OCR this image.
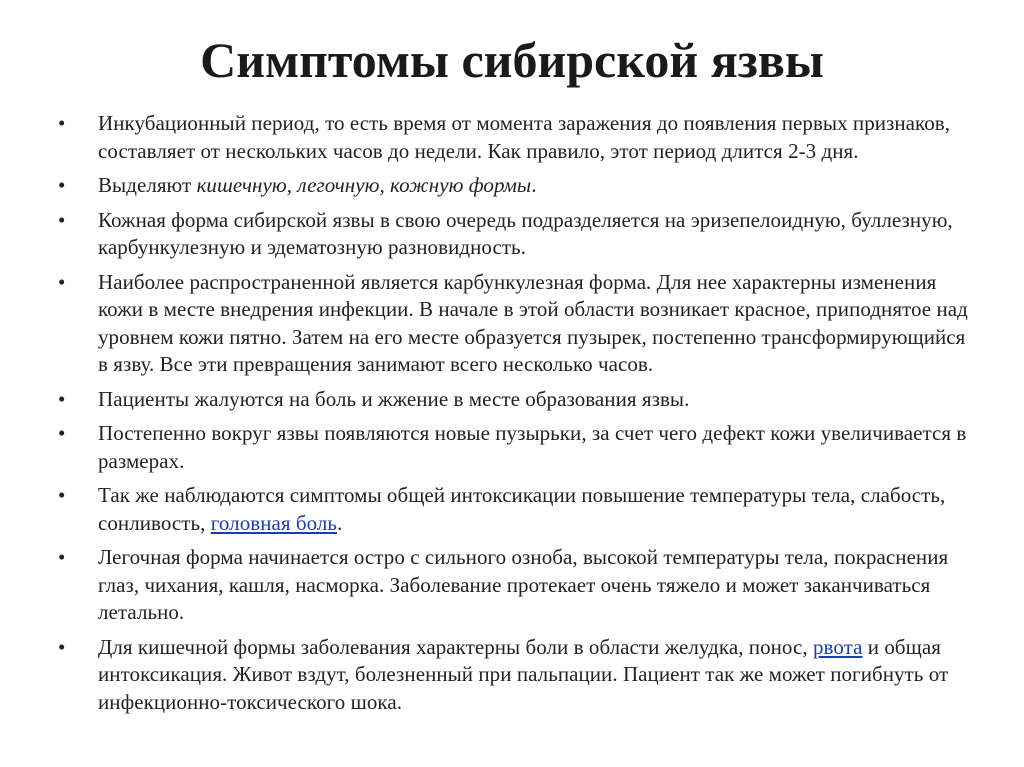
Симптомы сибирской язвы
• Инкубационный период, то есть время от момента заражения до появления первых признаков, составляет от нескольких часов до недели. Как правило, этот период длится 2-3 дня.
• Выделяют кишечную, легочную, кожную формы.
• Кожная форма сибирской язвы в свою очередь подразделяется на эризепелоидную, буллезную, карбункулезную и эдематозную разновидность.
• Наиболее распространенной является карбункулезная форма. Для нее характерны изменения кожи в месте внедрения инфекции. В начале в этой области возникает красное, приподнятое над уровнем кожи пятно. Затем на его месте образуется пузырек, постепенно трансформирующийся в язву. Все эти превращения занимают всего несколько часов.
• Пациенты жалуются на боль и жжение в месте образования язвы.
• Постепенно вокруг язвы появляются новые пузырьки, за счет чего дефект кожи увеличивается в размерах.
• Так же наблюдаются симптомы общей интоксикации повышение температуры тела, слабость, сонливость, головная боль.
• Легочная форма начинается остро с сильного озноба, высокой температуры тела, покраснения глаз, чихания, кашля, насморка. Заболевание протекает очень тяжело и может заканчиваться летально.
• Для кишечной формы заболевания характерны боли в области желудка, понос, рвота и общая интоксикация. Живот вздут, болезненный при пальпации. Пациент так же может погибнуть от инфекционно-токсического шока.
